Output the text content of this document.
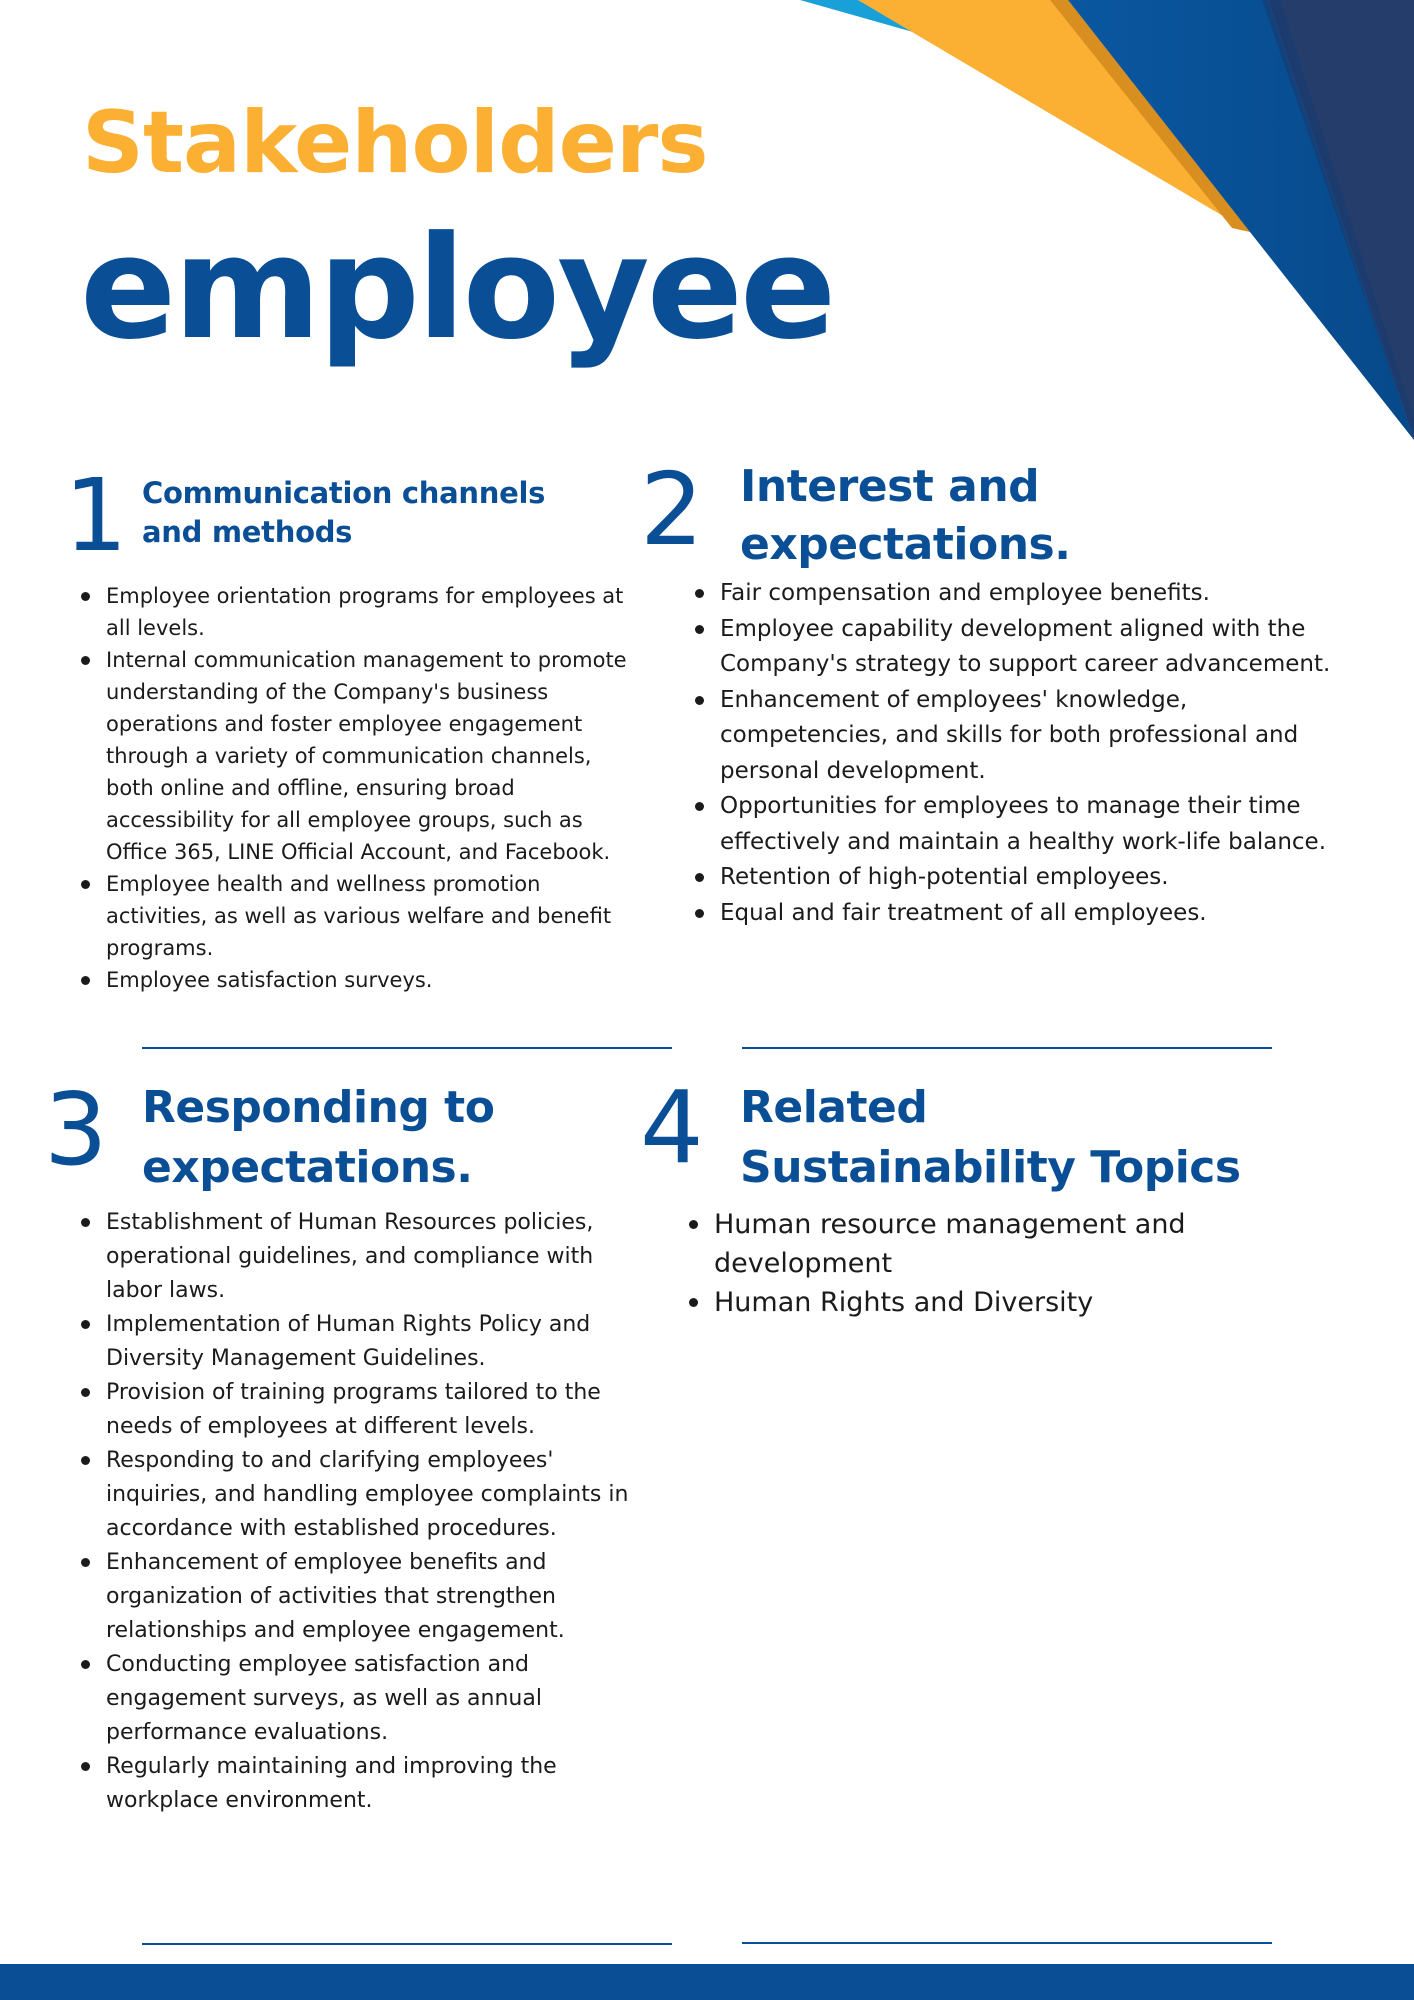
Stakeholders
employee
1 Communication channels
and methods
Employee orientation programs for employees at all levels.
Internal communication management to promote understanding of the Company's business operations and foster employee engagement through a variety of communication channels, both online and offline, ensuring broad accessibility for all employee groups, such as Office 365, LINE Official Account, and Facebook.
Employee health and wellness promotion activities, as well as various welfare and benefit programs.
Employee satisfaction surveys.
2 Interest and
expectations.
Fair compensation and employee benefits.
Employee capability development aligned with the Company's strategy to support career advancement.
Enhancement of employees' knowledge, competencies, and skills for both professional and personal development.
Opportunities for employees to manage their time effectively and maintain a healthy work-life balance.
Retention of high-potential employees.
Equal and fair treatment of all employees.
3 Responding to
expectations.
Establishment of Human Resources policies, operational guidelines, and compliance with labor laws.
Implementation of Human Rights Policy and Diversity Management Guidelines.
Provision of training programs tailored to the needs of employees at different levels.
Responding to and clarifying employees' inquiries, and handling employee complaints in accordance with established procedures.
Enhancement of employee benefits and organization of activities that strengthen relationships and employee engagement.
Conducting employee satisfaction and engagement surveys, as well as annual performance evaluations.
Regularly maintaining and improving the workplace environment.
4 Related
Sustainability Topics
Human resource management and development
Human Rights and Diversity
